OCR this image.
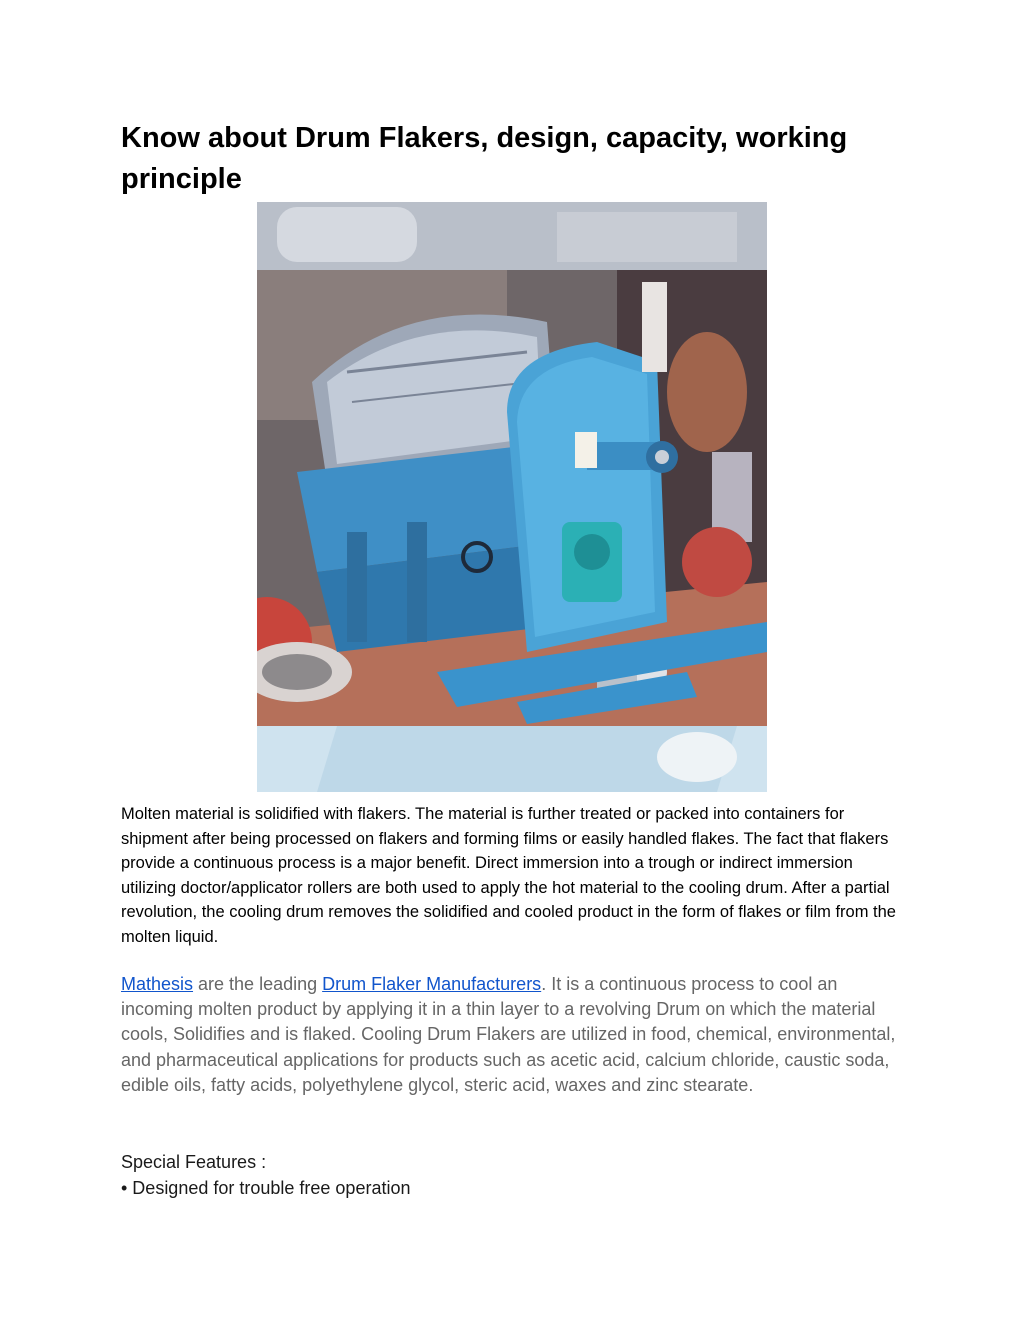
Know about Drum Flakers, design, capacity, working principle

Molten material is solidified with flakers. The material is further treated or packed into containers for shipment after being processed on flakers and forming films or easily handled flakes. The fact that flakers provide a continuous process is a major benefit. Direct immersion into a trough or indirect immersion utilizing doctor/applicator rollers are both used to apply the hot material to the cooling drum. After a partial revolution, the cooling drum removes the solidified and cooled product in the form of flakes or film from the molten liquid.

Mathesis are the leading Drum Flaker Manufacturers. It is a continuous process to cool an incoming molten product by applying it in a thin layer to a revolving Drum on which the material cools, Solidifies and is flaked. Cooling Drum Flakers are utilized in food, chemical, environmental, and pharmaceutical applications for products such as acetic acid, calcium chloride, caustic soda, edible oils, fatty acids, polyethylene glycol, steric acid, waxes and zinc stearate.

Special Features :
• Designed for trouble free operation
